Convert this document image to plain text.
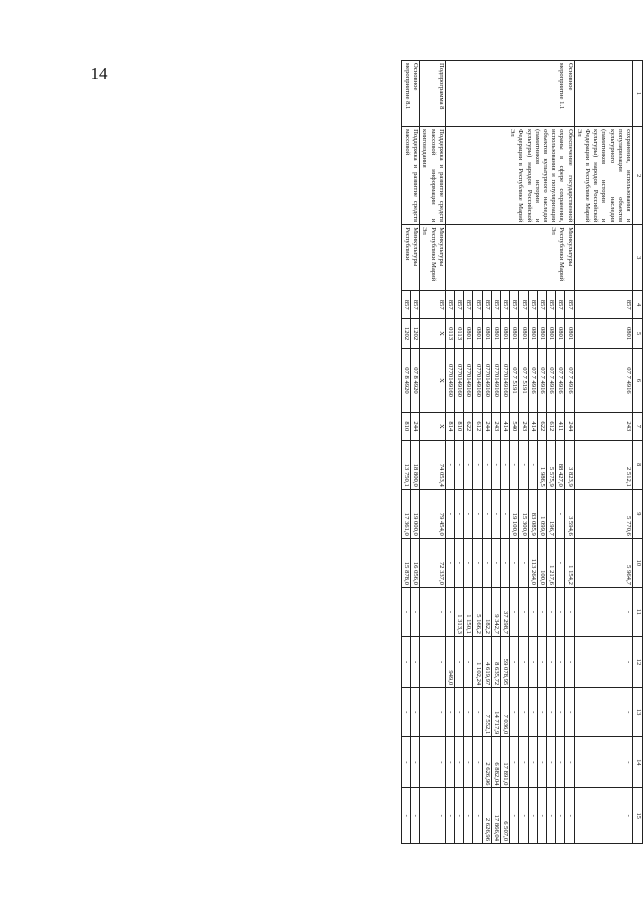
14
1	2	3	4	5	6	7	8	9	10	11	12	13	14	15
	сохранения, использования и популяризации объектов культурного наследия (памятников истории и культуры) народов Российской Федерации в Республике Марий Эл		857	0801	07 7 4916	243	2 512,1	5 770,6	5 964,7	-	-	-	-	-
Основное мероприятие 1.1	Обеспечение государственной охраны в сфере сохранения, использования и популяризации объектов культурного наследия (памятников истории и культуры) народов Российской Федерации в Республике Марий Эл	Минкультуры Республики Марий Эл	857	0801	07 7 4916	244	3 823,9	3 594,6	1 154,2	-	-	-	-	-
			857	0801	07 7 4916	411	88 427,0	-	-	-	-	-	-	-
			857	0801	07 7 4916	612	5 575,9	196,7	1 217,6	-	-	-	-	-
			857	0801	07 7 4916	622	1 986,5	1 099,0	100,0	-	-	-	-	-
			857	0801	07 7 4916	414	-	83 085,9	113 264,0	-	-	-	-	-
			857	0801	07 7 5191	243	-	15 300,0	-	-	-	-	-	-
			857	0801	07 7 5191	540	-	19 100,0	-	-	-	-	-	-
			857	0801	0770149160	414	-	-	-	37 298,7	59 078,95	7 036,0	17 891,0	6 507,0
			857	0801	0770149160	243	-	-	-	9 342,7	8 635,72	14 717,9	6 882,04	17 866,04
			857	0801	0770149160	244	-	-	-	182,2	4 619,97	7 552,1	2 626,96	2 626,96
			857	0801	0770149160	612	-	-	-	5 166,2	1 102,24	-	-	-
			857	0801	0770149160	622	-	-	-	1 150,1	-	-	-	-
			857	0113	0770149160	810	-	-	-	1 313,3	-	-	-	-
			857	0113	0770149160	814	-	-	-	-	949,0	-	-	-
Подпрограмма 8	Поддержка и развитие средств массовой информации и книгоиздания	Минкультуры Республики Марий Эл	857	X	X	X	74 053,4	79 454,0	72 337,0	-	-	-	-	-
Основное мероприятие 8.1	Поддержка и развитие средств массовой	Минкультуры Республики	857	1202	07 8 4920	244	18 800,0	19 000,0	16 056,0	-	-	-	-	-
			857	1202	07 8 4920	810	13 750,1	17 361,0	15 878,0	-	-	-	-	-
